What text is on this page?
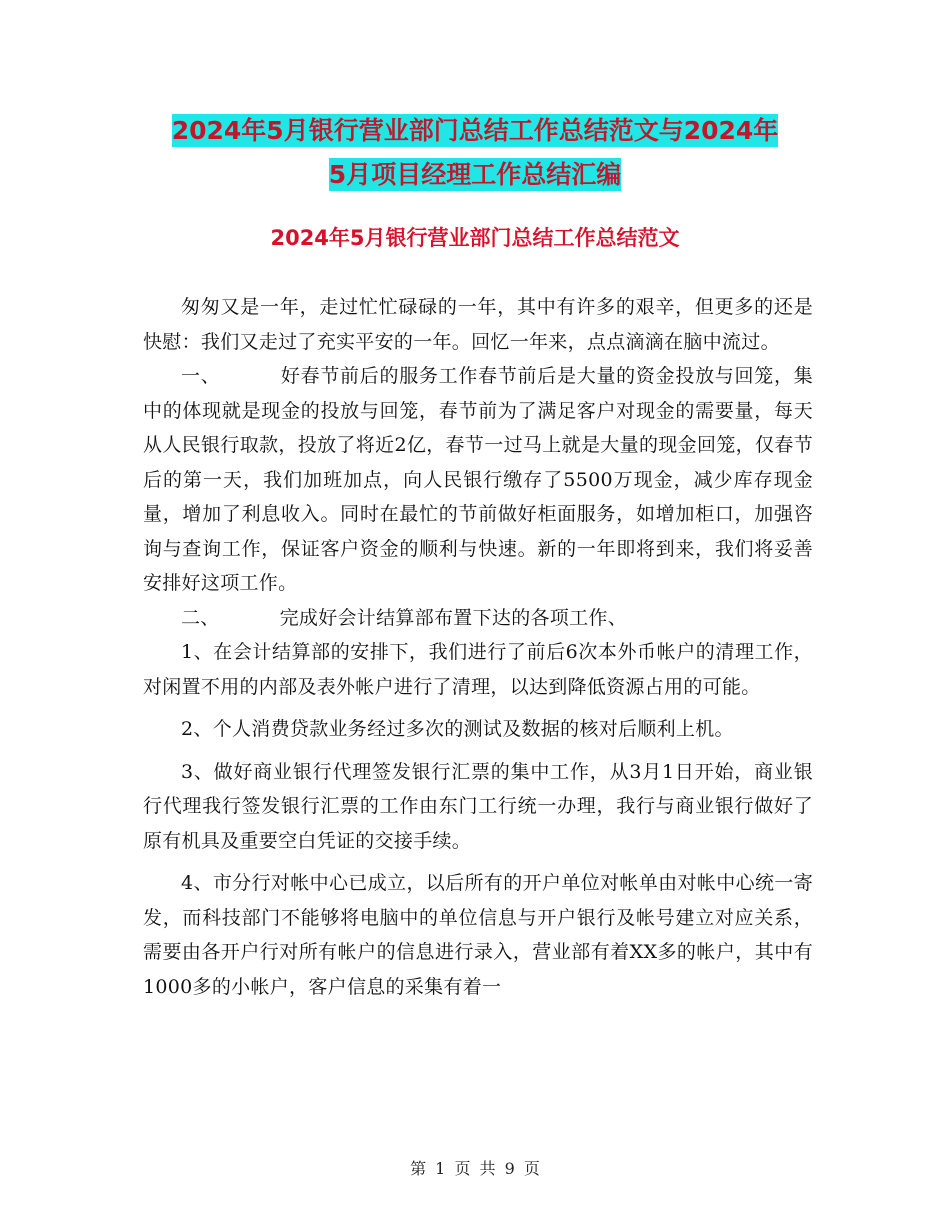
2024年5月银行营业部门总结工作总结范文与2024年
5月项目经理工作总结汇编
2024年5月银行营业部门总结工作总结范文

匆匆又是一年，走过忙忙碌碌的一年，其中有许多的艰辛，但更多的还是快慰：我们又走过了充实平安的一年。回忆一年来，点点滴滴在脑中流过。

一、	好春节前后的服务工作春节前后是大量的资金投放与回笼，集中的体现就是现金的投放与回笼，春节前为了满足客户对现金的需要量，每天从人民银行取款，投放了将近2亿，春节一过马上就是大量的现金回笼，仅春节后的第一天，我们加班加点，向人民银行缴存了5500万现金，减少库存现金量，增加了利息收入。同时在最忙的节前做好柜面服务，如增加柜口，加强咨询与查询工作，保证客户资金的顺利与快速。新的一年即将到来，我们将妥善安排好这项工作。

二、	完成好会计结算部布置下达的各项工作、

1、在会计结算部的安排下，我们进行了前后6次本外币帐户的清理工作，对闲置不用的内部及表外帐户进行了清理，以达到降低资源占用的可能。

2、个人消费贷款业务经过多次的测试及数据的核对后顺利上机。

3、做好商业银行代理签发银行汇票的集中工作，从3月1日开始，商业银行代理我行签发银行汇票的工作由东门工行统一办理，我行与商业银行做好了原有机具及重要空白凭证的交接手续。

4、市分行对帐中心已成立，以后所有的开户单位对帐单由对帐中心统一寄发，而科技部门不能够将电脑中的单位信息与开户银行及帐号建立对应关系，需要由各开户行对所有帐户的信息进行录入，营业部有着XX多的帐户，其中有1000多的小帐户，客户信息的采集有着一

第 1 页 共 9 页
